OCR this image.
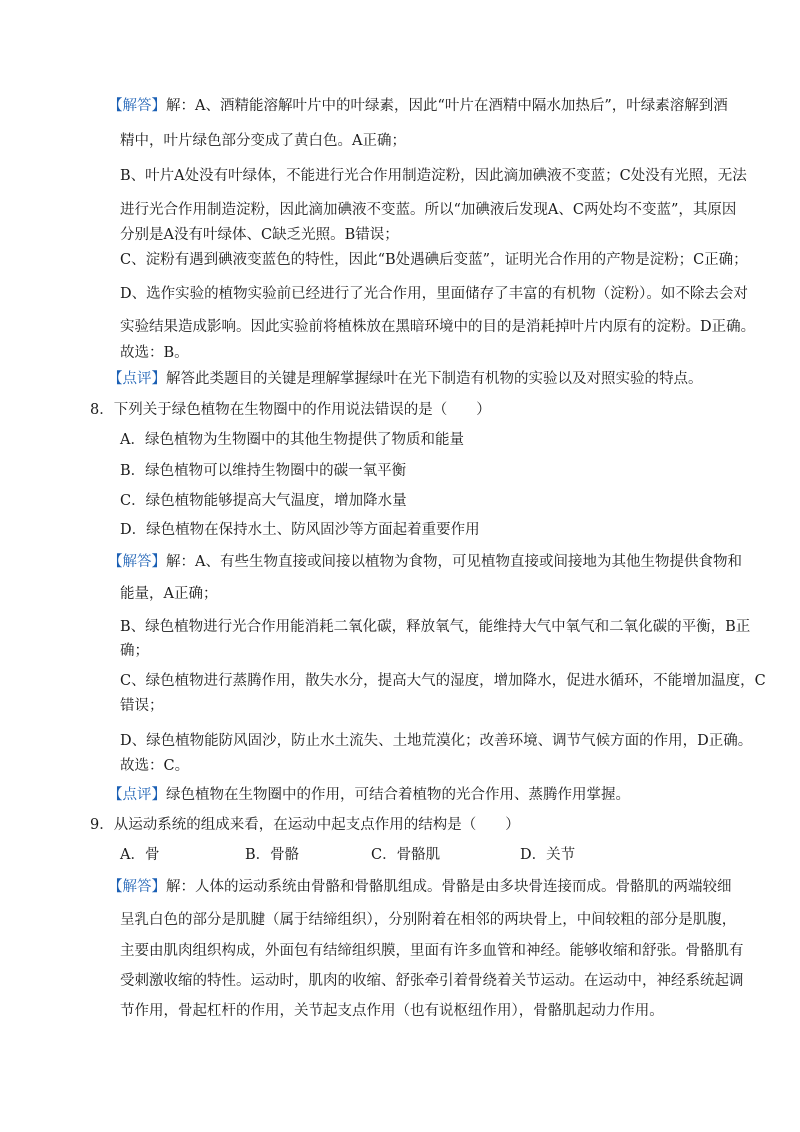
【解答】解：A、酒精能溶解叶片中的叶绿素，因此“叶片在酒精中隔水加热后”，叶绿素溶解到酒
精中，叶片绿色部分变成了黄白色。A正确；
B、叶片A处没有叶绿体，不能进行光合作用制造淀粉，因此滴加碘液不变蓝；C处没有光照，无法
进行光合作用制造淀粉，因此滴加碘液不变蓝。所以“加碘液后发现A、C两处均不变蓝”，其原因
分别是A没有叶绿体、C缺乏光照。B错误；
C、淀粉有遇到碘液变蓝色的特性，因此“B处遇碘后变蓝”，证明光合作用的产物是淀粉；C正确；
D、选作实验的植物实验前已经进行了光合作用，里面储存了丰富的有机物（淀粉）。如不除去会对
实验结果造成影响。因此实验前将植株放在黑暗环境中的目的是消耗掉叶片内原有的淀粉。D正确。
故选：B。
【点评】解答此类题目的关键是理解掌握绿叶在光下制造有机物的实验以及对照实验的特点。
8．下列关于绿色植物在生物圈中的作用说法错误的是（　　）
A．绿色植物为生物圈中的其他生物提供了物质和能量
B．绿色植物可以维持生物圈中的碳一氧平衡
C．绿色植物能够提高大气温度，增加降水量
D．绿色植物在保持水土、防风固沙等方面起着重要作用
【解答】解：A、有些生物直接或间接以植物为食物，可见植物直接或间接地为其他生物提供食物和
能量，A正确；
B、绿色植物进行光合作用能消耗二氧化碳，释放氧气，能维持大气中氧气和二氧化碳的平衡，B正
确；
C、绿色植物进行蒸腾作用，散失水分，提高大气的湿度，增加降水，促进水循环，不能增加温度，C
错误；
D、绿色植物能防风固沙，防止水土流失、土地荒漠化；改善环境、调节气候方面的作用，D正确。
故选：C。
【点评】绿色植物在生物圈中的作用，可结合着植物的光合作用、蒸腾作用掌握。
9．从运动系统的组成来看，在运动中起支点作用的结构是（　　）
A．骨	B．骨骼	C．骨骼肌	D．关节
【解答】解：人体的运动系统由骨骼和骨骼肌组成。骨骼是由多块骨连接而成。骨骼肌的两端较细
呈乳白色的部分是肌腱（属于结缔组织），分别附着在相邻的两块骨上，中间较粗的部分是肌腹，
主要由肌肉组织构成，外面包有结缔组织膜，里面有许多血管和神经。能够收缩和舒张。骨骼肌有
受刺激收缩的特性。运动时，肌肉的收缩、舒张牵引着骨绕着关节运动。在运动中，神经系统起调
节作用，骨起杠杆的作用，关节起支点作用（也有说枢纽作用），骨骼肌起动力作用。
